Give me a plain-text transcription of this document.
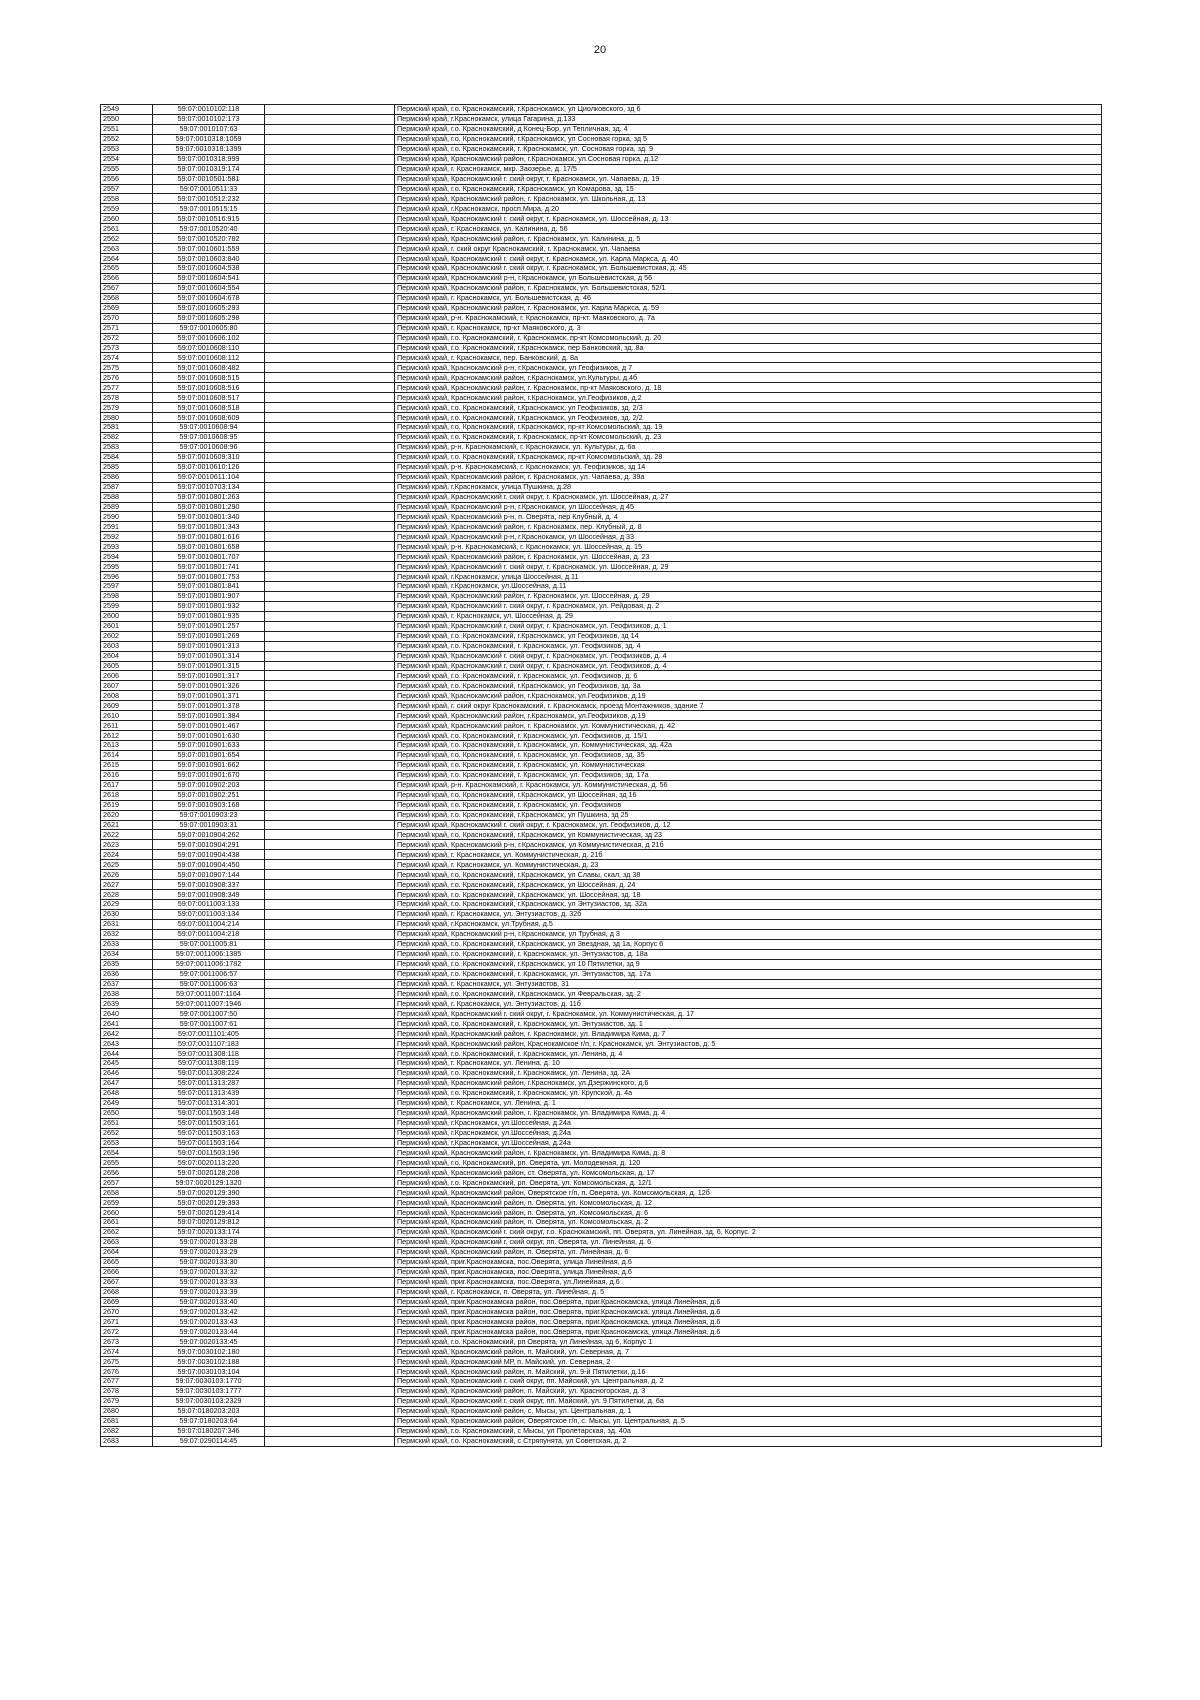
20
2549	59:07:0010102:118		Пермский край, г.о. Краснокамский, г.Краснокамск, ул Циолковского, зд 6
2550	59:07:0010102:173		Пермский край, г.Краснокамск, улица Гагарина, д.133
2551	59:07:0010107:63		Пермский край, г.о. Краснокамский, д Конец-Бор, ул Тепличная, зд. 4
2552	59:07:0010318:1059		Пермский край, г.о. Краснокамский, г.Краснокамск, ул Сосновая горка, зд 5
2553	59:07:0010318:1399		Пермский край, г.о. Краснокамский, г. Краснокамск, ул. Сосновая горка, зд. 9
2554	59:07:0010318:999		Пермский край, Краснокамский район, г.Краснокамск, ул.Сосновая горка, д.12
2555	59:07:0010319:174		Пермский край, г. Краснокамск, мкр. Заозерье, д. 17/5
2556	59:07:0010501:581		Пермский край, Краснокамский г. ский округ, г. Краснокамск, ул. Чапаева, д. 19
2557	59:07:0010511:33		Пермский край, г.о. Краснокамский, г.Краснокамск, ул Комарова, зд. 15
2558	59:07:0010512:232		Пермский край, Краснокамский район, г. Краснокамск, ул. Школьная, д. 13
2559	59:07:0010515:15		Пермский край, г.Краснокамск, просп.Мира, д.20
2560	59:07:0010516:915		Пермский край, Краснокамский г. ский округ, г. Краснокамск, ул. Шоссейная, д. 13
2561	59:07:0010520:40		Пермский край, г. Краснокамск, ул. Калинина, д. 56
2562	59:07:0010520:782		Пермский край, Краснокамский район, г. Краснокамск, ул. Калинина, д. 5
2563	59:07:0010601:559		Пермский край, г. ский округ Краснокамский, г. Краснокамск, ул. Чапаева
2564	59:07:0010603:840		Пермский край, Краснокамский г. ский округ, г. Краснокамск, ул. Карла Маркса, д. 40
2565	59:07:0010604:538		Пермский край, Краснокамский г. ский округ, г. Краснокамск, ул. Большевистская, д. 45
2566	59:07:0010604:541		Пермский край, Краснокамский р-н, г.Краснокамск, ул Большевистская, д 56
2567	59:07:0010604:554		Пермский край, Краснокамский район, г. Краснокамск, ул. Большевистская, 52/1
2568	59:07:0010604:678		Пермский край, г. Краснокамск, ул. Большевистская, д. 46
2569	59:07:0010605:293		Пермский край, Краснокамский район, г. Краснокамск, ул. Карла Маркса, д. 59
2570	59:07:0010605:298		Пермский край, р-н. Краснокамский, г. Краснокамск, пр-кт. Маяковского, д. 7а
2571	59:07:0010605:80		Пермский край, г. Краснокамск, пр-кт Маяковского, д. 3
2572	59:07:0010606:102		Пермский край, г.о. Краснокамский, г. Краснокамск, пр-кт Комсомольский, д. 20
2573	59:07:0010608:110		Пермский край, г.о. Краснокамский, г.Краснокамск, пер Банковский, зд. 8а
2574	59:07:0010608:112		Пермский край, г. Краснокамск, пер. Банковский, д. 8а
2575	59:07:0010608:482		Пермский край, Краснокамский р-н, г.Краснокамск, ул Геофизиков, д 7
2576	59:07:0010608:515		Пермский край, Краснокамский район, г.Краснокамск, ул.Культуры, д.4б
2577	59:07:0010608:516		Пермский край, Краснокамский район, г. Краснокамск, пр-кт Маяковского, д. 18
2578	59:07:0010608:517		Пермский край, Краснокамский район, г.Краснокамск, ул.Геофизиков, д.2
2579	59:07:0010608:518		Пермский край, г.о. Краснокамский, г.Краснокамск, ул Геофизиков, зд. 2/3
2580	59:07:0010608:609		Пермский край, г.о. Краснокамский, г.Краснокамск, ул Геофизиков, зд. 2/2
2581	59:07:0010608:94		Пермский край, г.о. Краснокамский, г.Краснокамск, пр-кт Комсомольский, зд. 19
2582	59:07:0010608:95		Пермский край, г.о. Краснокамский, г. Краснокамск, пр-кт Комсомольский, д. 23
2583	59:07:0010608:96		Пермский край, р-н. Краснокамский, г. Краснокамск, ул. Культуры, д. 6а
2584	59:07:0010609:310		Пермский край, г.о. Краснокамский, г.Краснокамск, пр-кт Комсомольский, зд. 28
2585	59:07:0010610:126		Пермский край, р-н. Краснокамский, г. Краснокамск, ул. Геофизиков, зд 14
2586	59:07:0010611:104		Пермский край, Краснокамский район, г. Краснокамск, ул. Чапаева, д. 39а
2587	59:07:0010703:134		Пермский край, г.Краснокамск, улица Пушкина, д.28
2588	59:07:0010801:263		Пермский край, Краснокамский г. ский округ, г. Краснокамск, ул. Шоссейная, д. 27
2589	59:07:0010801:290		Пермский край, Краснокамский р-н, г.Краснокамск, ул Шоссейная, д 45
2590	59:07:0010801:340		Пермский край, Краснокамский р-н, п. Оверята, пер Клубный, д. 4
2591	59:07:0010801:343		Пермский край, Краснокамский район, г. Краснокамск, пер. Клубный, д. 8
2592	59:07:0010801:616		Пермский край, Краснокамский р-н, г.Краснокамск, ул Шоссейная, д 33
2593	59:07:0010801:658		Пермский край, р-н. Краснокамский, г. Краснокамск, ул. Шоссейная, д. 15
2594	59:07:0010801:707		Пермский край, Краснокамский район, г. Краснокамск, ул. Шоссейная, д. 23
2595	59:07:0010801:741		Пермский край, Краснокамский г. ский округ, г. Краснокамск, ул. Шоссейная, д. 29
2596	59:07:0010801:753		Пермский край, г.Краснокамск, улица Шоссейная, д.11
2597	59:07:0010801:841		Пермский край, г.Краснокамск, ул.Шоссейная, д.11
2598	59:07:0010801:907		Пермский край, Краснокамский район, г. Краснокамск, ул. Шоссейная, д. 29
2599	59:07:0010801:932		Пермский край, Краснокамский г. ский округ, г. Краснокамск, ул. Рейдовая, д. 2
2600	59:07:0010801:935		Пермский край, г. Краснокамск, ул. Шоссейная, д. 29
2601	59:07:0010901:257		Пермский край, Краснокамский г. ский округ, г. Краснокамск, ул. Геофизиков, д. 1
2602	59:07:0010901:269		Пермский край, г.о. Краснокамский, г.Краснокамск, ул Геофизиков, зд 14
2603	59:07:0010901:313		Пермский край, г.о. Краснокамский, г. Краснокамск, ул. Геофизиков, зд. 4
2604	59:07:0010901:314		Пермский край, Краснокамский г. ский округ, г. Краснокамск, ул. Геофизиков, д. 4
2605	59:07:0010901:315		Пермский край, Краснокамский г. ский округ, г. Краснокамск, ул. Геофизиков, д. 4
2606	59:07:0010901:317		Пермский край, г.о. Краснокамский, г. Краснокамск, ул. Геофизиков, д. 6
2607	59:07:0010901:326		Пермский край, г.о. Краснокамский, г.Краснокамск, ул Геофизиков, зд. 3а
2608	59:07:0010901:371		Пермский край, Краснокамский район, г.Краснокамск, ул.Геофизиков, д.19
2609	59:07:0010901:378		Пермский край, г. ский округ Краснокамский, г. Краснокамск, проезд Монтажников, здание 7
2610	59:07:0010901:384		Пермский край, Краснокамский район, г.Краснокамск, ул.Геофизиков, д.19
2611	59:07:0010901:467		Пермский край, Краснокамский район, г. Краснокамск, ул. Коммунистическая, д. 42
2612	59:07:0010901:630		Пермский край, г.о. Краснокамский, г. Краснокамск, ул. Геофизиков, д. 15/1
2613	59:07:0010901:633		Пермский край, г.о. Краснокамский, г. Краснокамск, ул. Коммунистическая, зд. 42а
2614	59:07:0010901:654		Пермский край, г.о. Краснокамский, г. Краснокамск, ул. Геофизиков, зд. 35
2615	59:07:0010901:662		Пермский край, г.о. Краснокамский, г. Краснокамск, ул. Коммунистическая
2616	59:07:0010901:670		Пермский край, г.о. Краснокамский, г. Краснокамск, ул. Геофизиков, зд. 17а
2617	59:07:0010902:203		Пермский край, р-н. Краснокамский, г. Краснокамск, ул. Коммунистическая, д. 56
2618	59:07:0010902:251		Пермский край, г.о. Краснокамский, г.Краснокамск, ул Шоссейная, зд 16
2619	59:07:0010903:168		Пермский край, г.о. Краснокамский, г. Краснокамск, ул. Геофизиков
2620	59:07:0010903:23		Пермский край, г.о. Краснокамский, г.Краснокамск, ул Пушкина, зд 25
2621	59:07:0010903:31		Пермский край, Краснокамский г. ский округ, г. Краснокамск, ул. Геофизиков, д. 12
2622	59:07:0010904:262		Пермский край, г.о. Краснокамский, г.Краснокамск, ул Коммунистическая, зд 23
2623	59:07:0010904:291		Пермский край, Краснокамский р-н, г.Краснокамск, ул Коммунистическая, д 21б
2624	59:07:0010904:438		Пермский край, г. Краснокамск, ул. Коммунистическая, д. 21б
2625	59:07:0010904:450		Пермский край, г. Краснокамск, ул. Коммунистическая, д. 23
2626	59:07:0010907:144		Пермский край, г.о. Краснокамский, г.Краснокамск, ул Славы, скал, зд 38
2627	59:07:0010908:337		Пермский край, г.о. Краснокамский, г.Краснокамск, ул Шоссейная, д. 24
2628	59:07:0010908:349		Пермский край, г.о. Краснокамский, г.Краснокамск, ул. Шоссейная, зд. 18
2629	59:07:0011003:133		Пермский край, г.о. Краснокамский, г.Краснокамск, ул Энтузиастов, зд. 32а
2630	59:07:0011003:134		Пермский край, г. Краснокамск, ул. Энтузиастов, д. 32б
2631	59:07:0011004:214		Пермский край, г.Краснокамск, ул.Трубная, д.5
2632	59:07:0011004:218		Пермский край, Краснокамский р-н, г.Краснокамск, ул Трубная, д 3
2633	59:07:0011005:81		Пермский край, г.о. Краснокамский, г.Краснокамск, ул Звездная, зд 1а, Корпус 6
2634	59:07:0011006:1385		Пермский край, г.о. Краснокамский, г. Краснокамск, ул. Энтузиастов, д. 18а
2635	59:07:0011006:1782		Пермский край, г.о. Краснокамский, г.Краснокамск, ул 10 Пятилетки, зд 9
2636	59:07:0011006:57		Пермский край, г.о. Краснокамский, г. Краснокамск, ул. Энтузиастов, зд. 17а
2637	59:07:0011006:63		Пермский край, г. Краснокамск, ул. Энтузиастов, 31
2638	59:07:0011007:1164		Пермский край, г.о. Краснокамский, г.Краснокамск, ул Февральская, зд. 2
2639	59:07:0011007:1946		Пермский край, г. Краснокамск, ул. Энтузиастов, д. 11б
2640	59:07:0011007:50		Пермский край, Краснокамский г. ский округ, г. Краснокамск, ул. Коммунистическая, д. 17
2641	59:07:0011007:61		Пермский край, г.о. Краснокамский, г. Краснокамск, ул. Энтузиастов, зд. 1
2642	59:07:0011101:405		Пермский край, Краснокамский район, г. Краснокамск, ул. Владимира Кима, д. 7
2643	59:07:0011107:183		Пермский край, Краснокамский район, Краснокамское г/п, г. Краснокамск, ул. Энтузиастов, д. 5
2644	59:07:0011308:118		Пермский край, г.о. Краснокамский, г. Краснокамск, ул. Ленина, д. 4
2645	59:07:0011308:119		Пермский край, г. Краснокамск, ул. Ленина, д. 10
2646	59:07:0011308:224		Пермский край, г.о. Краснокамский, г. Краснокамск, ул. Ленина, зд. 2А
2647	59:07:0011313:287		Пермский край, Краснокамский район, г.Краснокамск, ул.Дзержинского, д.6
2648	59:07:0011313:439		Пермский край, г.о. Краснокамский, г. Краснокамск, ул. Крупской, д. 4а
2649	59:07:0011314:301		Пермский край, г. Краснокамск, ул. Ленина, д. 1
2650	59:07:0011503:148		Пермский край, Краснокамский район, г. Краснокамск, ул. Владимира Кима, д. 4
2651	59:07:0011503:161		Пермский край, г.Краснокамск, ул.Шоссейная, д.24а
2652	59:07:0011503:163		Пермский край, г.Краснокамск, ул.Шоссейная, д.24а
2653	59:07:0011503:164		Пермский край, г.Краснокамск, ул.Шоссейная, д.24а
2654	59:07:0011503:196		Пермский край, Краснокамский район, г. Краснокамск, ул. Владимира Кима, д. 8
2655	59:07:0020113:220		Пермский край, г.о. Краснокамский, рп. Оверята, ул. Молодежная, д. 120
2656	59:07:0020128:208		Пермский край, Краснокамский район, ст. Оверята, ул. Комсомольская, д. 17
2657	59:07:0020129:1320		Пермский край, г.о. Краснокамский, рп. Оверята, ул. Комсомольская, д. 12/1
2658	59:07:0020129:390		Пермский край, Краснокамский район, Оверятское г/п, п. Оверята, ул. Комсомольская, д. 12б
2659	59:07:0020129:393		Пермский край, Краснокамский район, п. Оверята, ул. Комсомольская, д. 12
2660	59:07:0020129:414		Пермский край, Краснокамский район, п. Оверята, ул. Комсомольская, д. 6
2661	59:07:0020129:812		Пермский край, Краснокамский район, п. Оверята, ул. Комсомольская, д. 2
2662	59:07:0020133:174		Пермский край, Краснокамский г. ский округ, г.о. Краснокамский, пп. Оверята, ул. Линейная, зд. 6, Корпус. 2
2663	59:07:0020133:28		Пермский край, Краснокамский г. ский округ, пп. Оверята, ул. Линейная, д. 6
2664	59:07:0020133:29		Пермский край, Краснокамский район, п. Оверята, ул. Линейная, д. 6
2665	59:07:0020133:30		Пермский край, приг.Краснокамска, пос.Оверята, улица Линейная, д.6
2666	59:07:0020133:32		Пермский край, приг.Краснокамска, пос.Оверята, улица Линейная, д.6
2667	59:07:0020133:33		Пермский край, приг.Краснокамска, пос.Оверята, ул.Линейная, д.6
2668	59:07:0020133:39		Пермский край, г. Краснокамск, п. Оверята, ул. Линейная, д. 5
2669	59:07:0020133:40		Пермский край, приг.Краснокамска район, пос.Оверята, приг.Краснокамска, улица Линейная, д.6
2670	59:07:0020133:42		Пермский край, приг.Краснокамска район, пос.Оверята, приг.Краснокамска, улица Линейная, д.6
2671	59:07:0020133:43		Пермский край, приг.Краснокамска район, пос.Оверята, приг.Краснокамска, улица Линейная, д.6
2672	59:07:0020133:44		Пермский край, приг.Краснокамска район, пос.Оверята, приг.Краснокамска, улица Линейная, д.6
2673	59:07:0020133:45		Пермский край, г.о. Краснокамский, рп Оверята, ул Линейная, зд 6, Корпус 1
2674	59:07:0030102:180		Пермский край, Краснокамский район, п. Майский, ул. Северная, д. 7
2675	59:07:0030102:188		Пермский край, Краснокамский МР, п. Майский, ул. Северная, 2
2676	59:07:0030103:104		Пермский край, Краснокамский район, п. Майский, ул. 9-й Пятилетки, д.16
2677	59:07:0030103:1770		Пермский край, Краснокамский г. ский округ, пп. Майский, ул. Центральная, д. 2
2678	59:07:0030103:1777		Пермский край, Краснокамский район, п. Майский, ул. Красногорская, д. 3
2679	59:07:0030103:2329		Пермский край, Краснокамский г. ский округ, пп. Майский, ул. 9 Пятилетки, д. 6а
2680	59:07:0180203:203		Пермский край, Краснокамский район, с. Мысы, ул. Центральная, д. 1
2681	59:07:0180203:64		Пермский край, Краснокамский район, Оверятское г/п, с. Мысы, ул. Центральная, д. 5
2682	59:07:0180207:346		Пермский край, г.о. Краснокамский, с Мысы, ул Пролетарская, зд. 40а
2683	59:07:0290114:45		Пермский край, г.о. Краснокамский, с Стряпунята, ул Советская, д. 2
